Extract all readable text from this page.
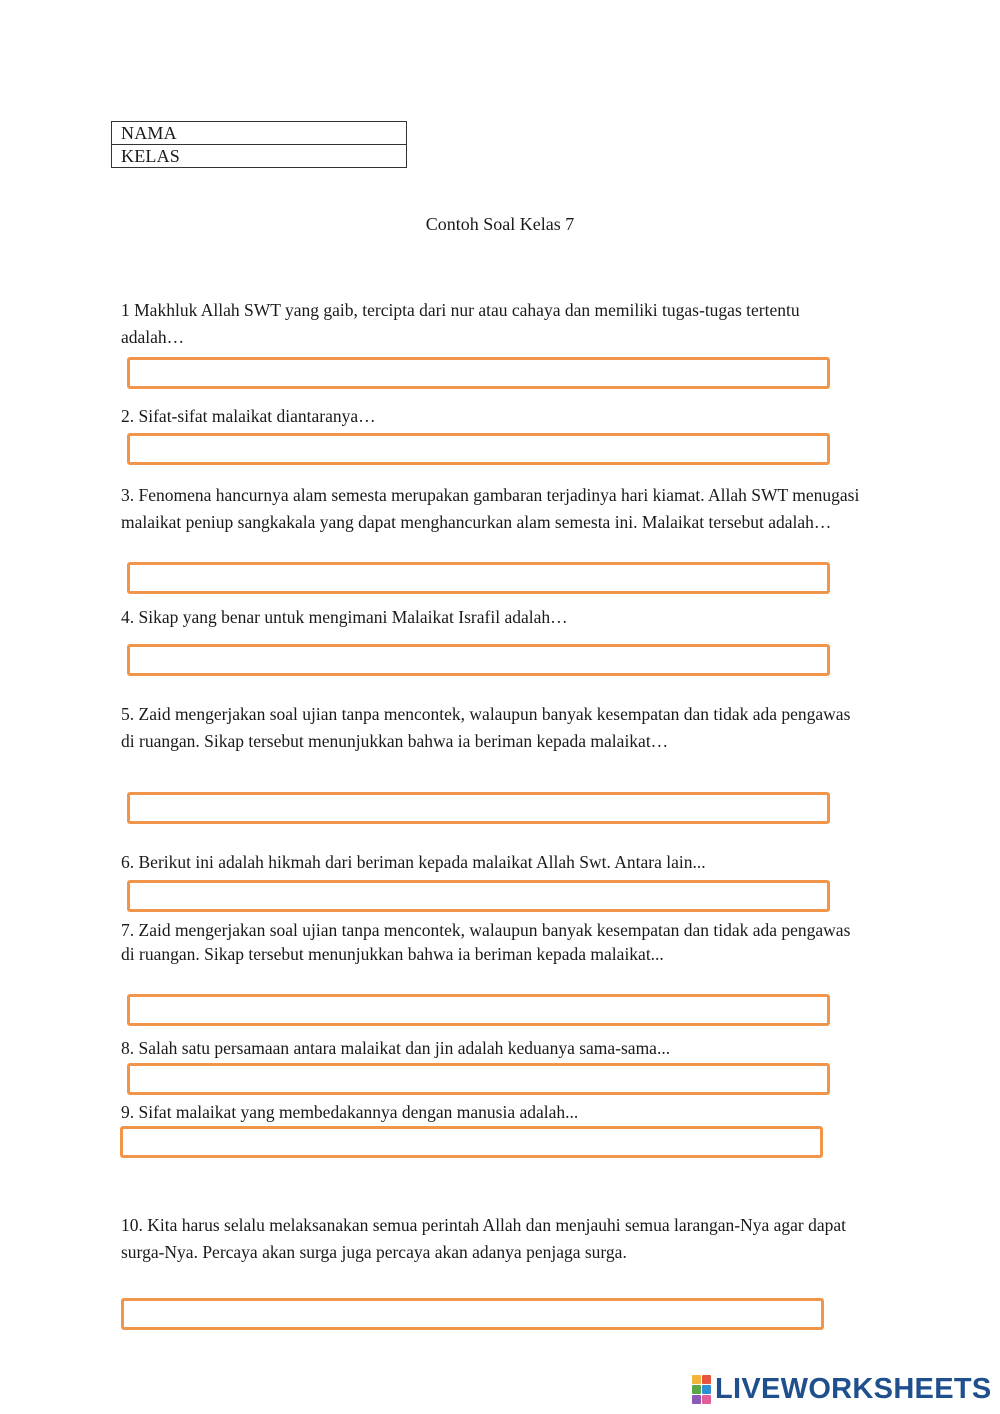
NAMA
KELAS
Contoh Soal Kelas 7
1 Makhluk Allah SWT yang gaib, tercipta dari nur atau cahaya dan memiliki tugas-tugas tertentu adalah…
2. Sifat-sifat malaikat diantaranya…
3. Fenomena hancurnya alam semesta merupakan gambaran terjadinya hari kiamat. Allah SWT menugasi malaikat peniup sangkakala yang dapat menghancurkan alam semesta ini. Malaikat tersebut adalah…
4. Sikap yang benar untuk mengimani Malaikat Israfil adalah…
5. Zaid mengerjakan soal ujian tanpa mencontek, walaupun banyak kesempatan dan tidak ada pengawas di ruangan. Sikap tersebut menunjukkan bahwa ia beriman kepada malaikat…
6. Berikut ini adalah hikmah dari beriman kepada malaikat Allah Swt. Antara lain...
7. Zaid mengerjakan soal ujian tanpa mencontek, walaupun banyak kesempatan dan tidak ada pengawas di ruangan. Sikap tersebut menunjukkan bahwa ia beriman kepada malaikat...
8. Salah satu persamaan antara malaikat dan jin adalah keduanya sama-sama...
9. Sifat malaikat yang membedakannya dengan manusia adalah...
10. Kita harus selalu melaksanakan semua perintah Allah dan menjauhi semua larangan-Nya agar dapat surga-Nya. Percaya akan surga juga percaya akan adanya penjaga surga.
LIVEWORKSHEETS
